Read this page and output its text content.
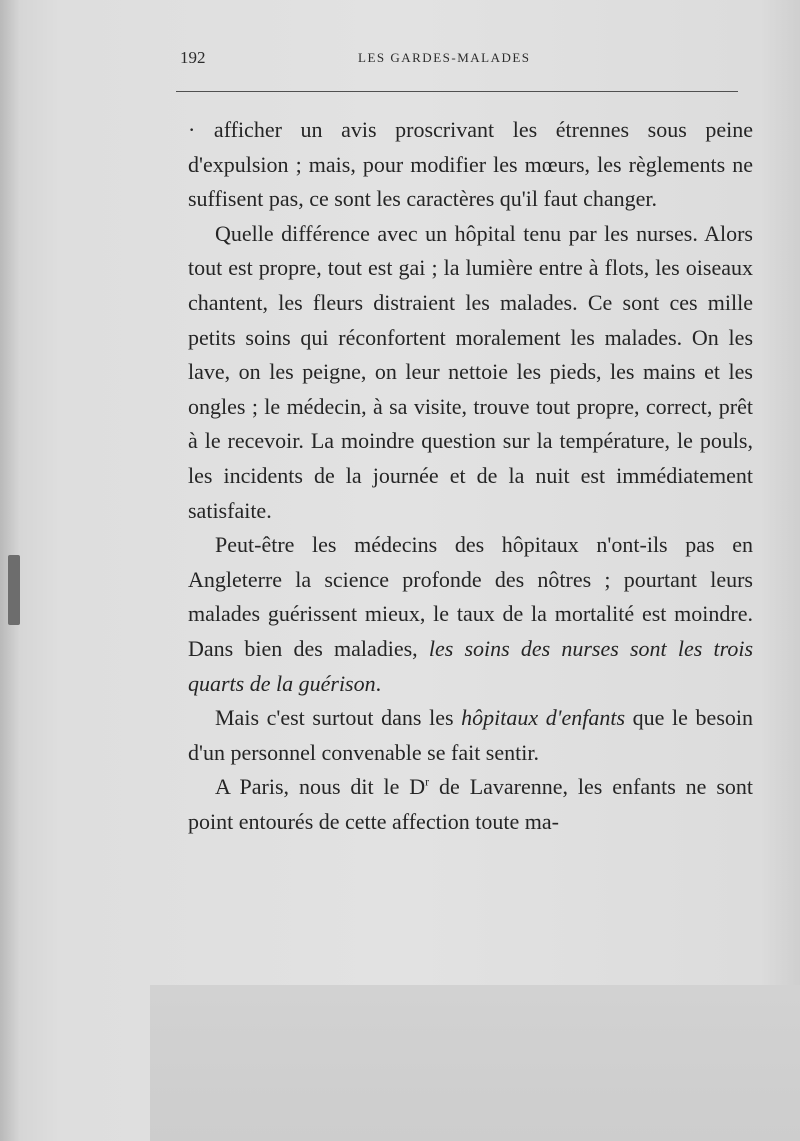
192	LES GARDES-MALADES

· afficher un avis proscrivant les étrennes sous peine d'expulsion ; mais, pour modifier les mœurs, les règlements ne suffisent pas, ce sont les caractères qu'il faut changer.

Quelle différence avec un hôpital tenu par les nurses. Alors tout est propre, tout est gai ; la lumière entre à flots, les oiseaux chantent, les fleurs distraient les malades. Ce sont ces mille petits soins qui réconfortent moralement les malades. On les lave, on les peigne, on leur nettoie les pieds, les mains et les ongles ; le médecin, à sa visite, trouve tout propre, correct, prêt à le recevoir. La moindre question sur la température, le pouls, les incidents de la journée et de la nuit est immédiatement satisfaite.

Peut-être les médecins des hôpitaux n'ont-ils pas en Angleterre la science profonde des nôtres ; pourtant leurs malades guérissent mieux, le taux de la mortalité est moindre. Dans bien des maladies, les soins des nurses sont les trois quarts de la guérison.

Mais c'est surtout dans les hôpitaux d'enfants que le besoin d'un personnel convenable se fait sentir.

A Paris, nous dit le $D^r$ de Lavarenne, les enfants ne sont point entourés de cette affection toute ma-
